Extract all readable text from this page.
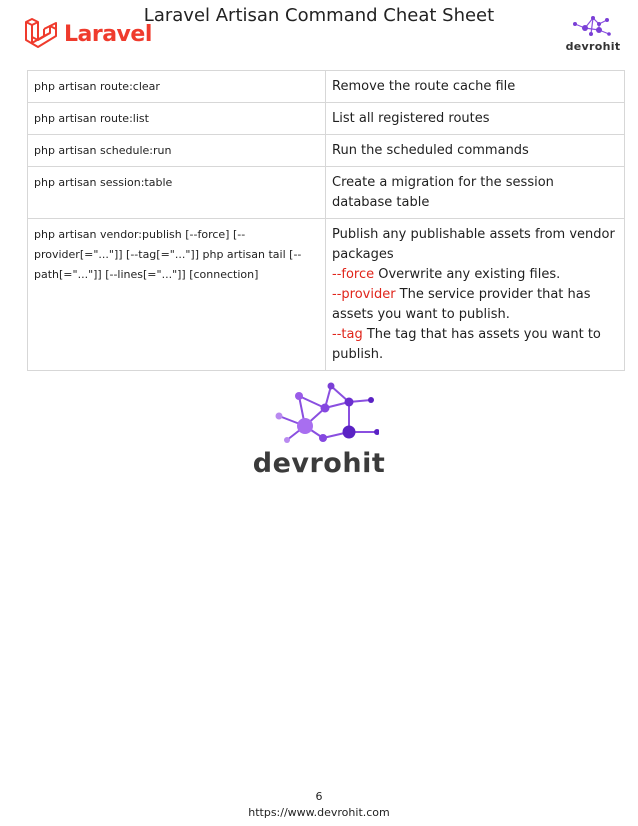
Laravel Artisan Command Cheat Sheet
Laravel	devrohit
php artisan route:clear	Remove the route cache file
php artisan route:list	List all registered routes
php artisan schedule:run	Run the scheduled commands
php artisan session:table	Create a migration for the session database table
php artisan vendor:publish [--force] [--provider[="..."]] [--tag[="..."]] php artisan tail [--path[="..."]] [--lines[="..."]] [connection]	Publish any publishable assets from vendor packages
--force Overwrite any existing files.
--provider The service provider that has assets you want to publish.
--tag The tag that has assets you want to publish.
devrohit
6
https://www.devrohit.com
